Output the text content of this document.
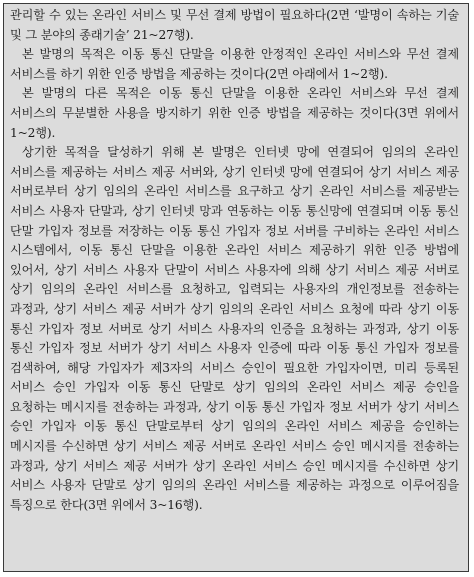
관리할 수 있는 온라인 서비스 및 무선 결제 방법이 필요하다(2면 ‘발명이 속하는 기술 및 그 분야의 종래기술’ 21~27행).

본 발명의 목적은 이동 통신 단말을 이용한 안정적인 온라인 서비스와 무선 결제 서비스를 하기 위한 인증 방법을 제공하는 것이다(2면 아래에서 1~2행).

본 발명의 다른 목적은 이동 통신 단말을 이용한 온라인 서비스와 무선 결제 서비스의 무분별한 사용을 방지하기 위한 인증 방법을 제공하는 것이다(3면 위에서 1~2행).

상기한 목적을 달성하기 위해 본 발명은 인터넷 망에 연결되어 임의의 온라인 서비스를 제공하는 서비스 제공 서버와, 상기 인터넷 망에 연결되어 상기 서비스 제공 서버로부터 상기 임의의 온라인 서비스를 요구하고 상기 온라인 서비스를 제공받는 서비스 사용자 단말과, 상기 인터넷 망과 연동하는 이동 통신망에 연결되며 이동 통신 단말 가입자 정보를 저장하는 이동 통신 가입자 정보 서버를 구비하는 온라인 서비스 시스템에서, 이동 통신 단말을 이용한 온라인 서비스 제공하기 위한 인증 방법에 있어서, 상기 서비스 사용자 단말이 서비스 사용자에 의해 상기 서비스 제공 서버로 상기 임의의 온라인 서비스를 요청하고, 입력되는 사용자의 개인정보를 전송하는 과정과, 상기 서비스 제공 서버가 상기 임의의 온라인 서비스 요청에 따라 상기 이동 통신 가입자 정보 서버로 상기 서비스 사용자의 인증을 요청하는 과정과, 상기 이동 통신 가입자 정보 서버가 상기 서비스 사용자 인증에 따라 이동 통신 가입자 정보를 검색하여, 해당 가입자가 제3자의 서비스 승인이 필요한 가입자이면, 미리 등록된 서비스 승인 가입자 이동 통신 단말로 상기 임의의 온라인 서비스 제공 승인을 요청하는 메시지를 전송하는 과정과, 상기 이동 통신 가입자 정보 서버가 상기 서비스 승인 가입자 이동 통신 단말로부터 상기 임의의 온라인 서비스 제공을 승인하는 메시지를 수신하면 상기 서비스 제공 서버로 온라인 서비스 승인 메시지를 전송하는 과정과, 상기 서비스 제공 서버가 상기 온라인 서비스 승인 메시지를 수신하면 상기 서비스 사용자 단말로 상기 임의의 온라인 서비스를 제공하는 과정으로 이루어짐을 특징으로 한다(3면 위에서 3~16행).
